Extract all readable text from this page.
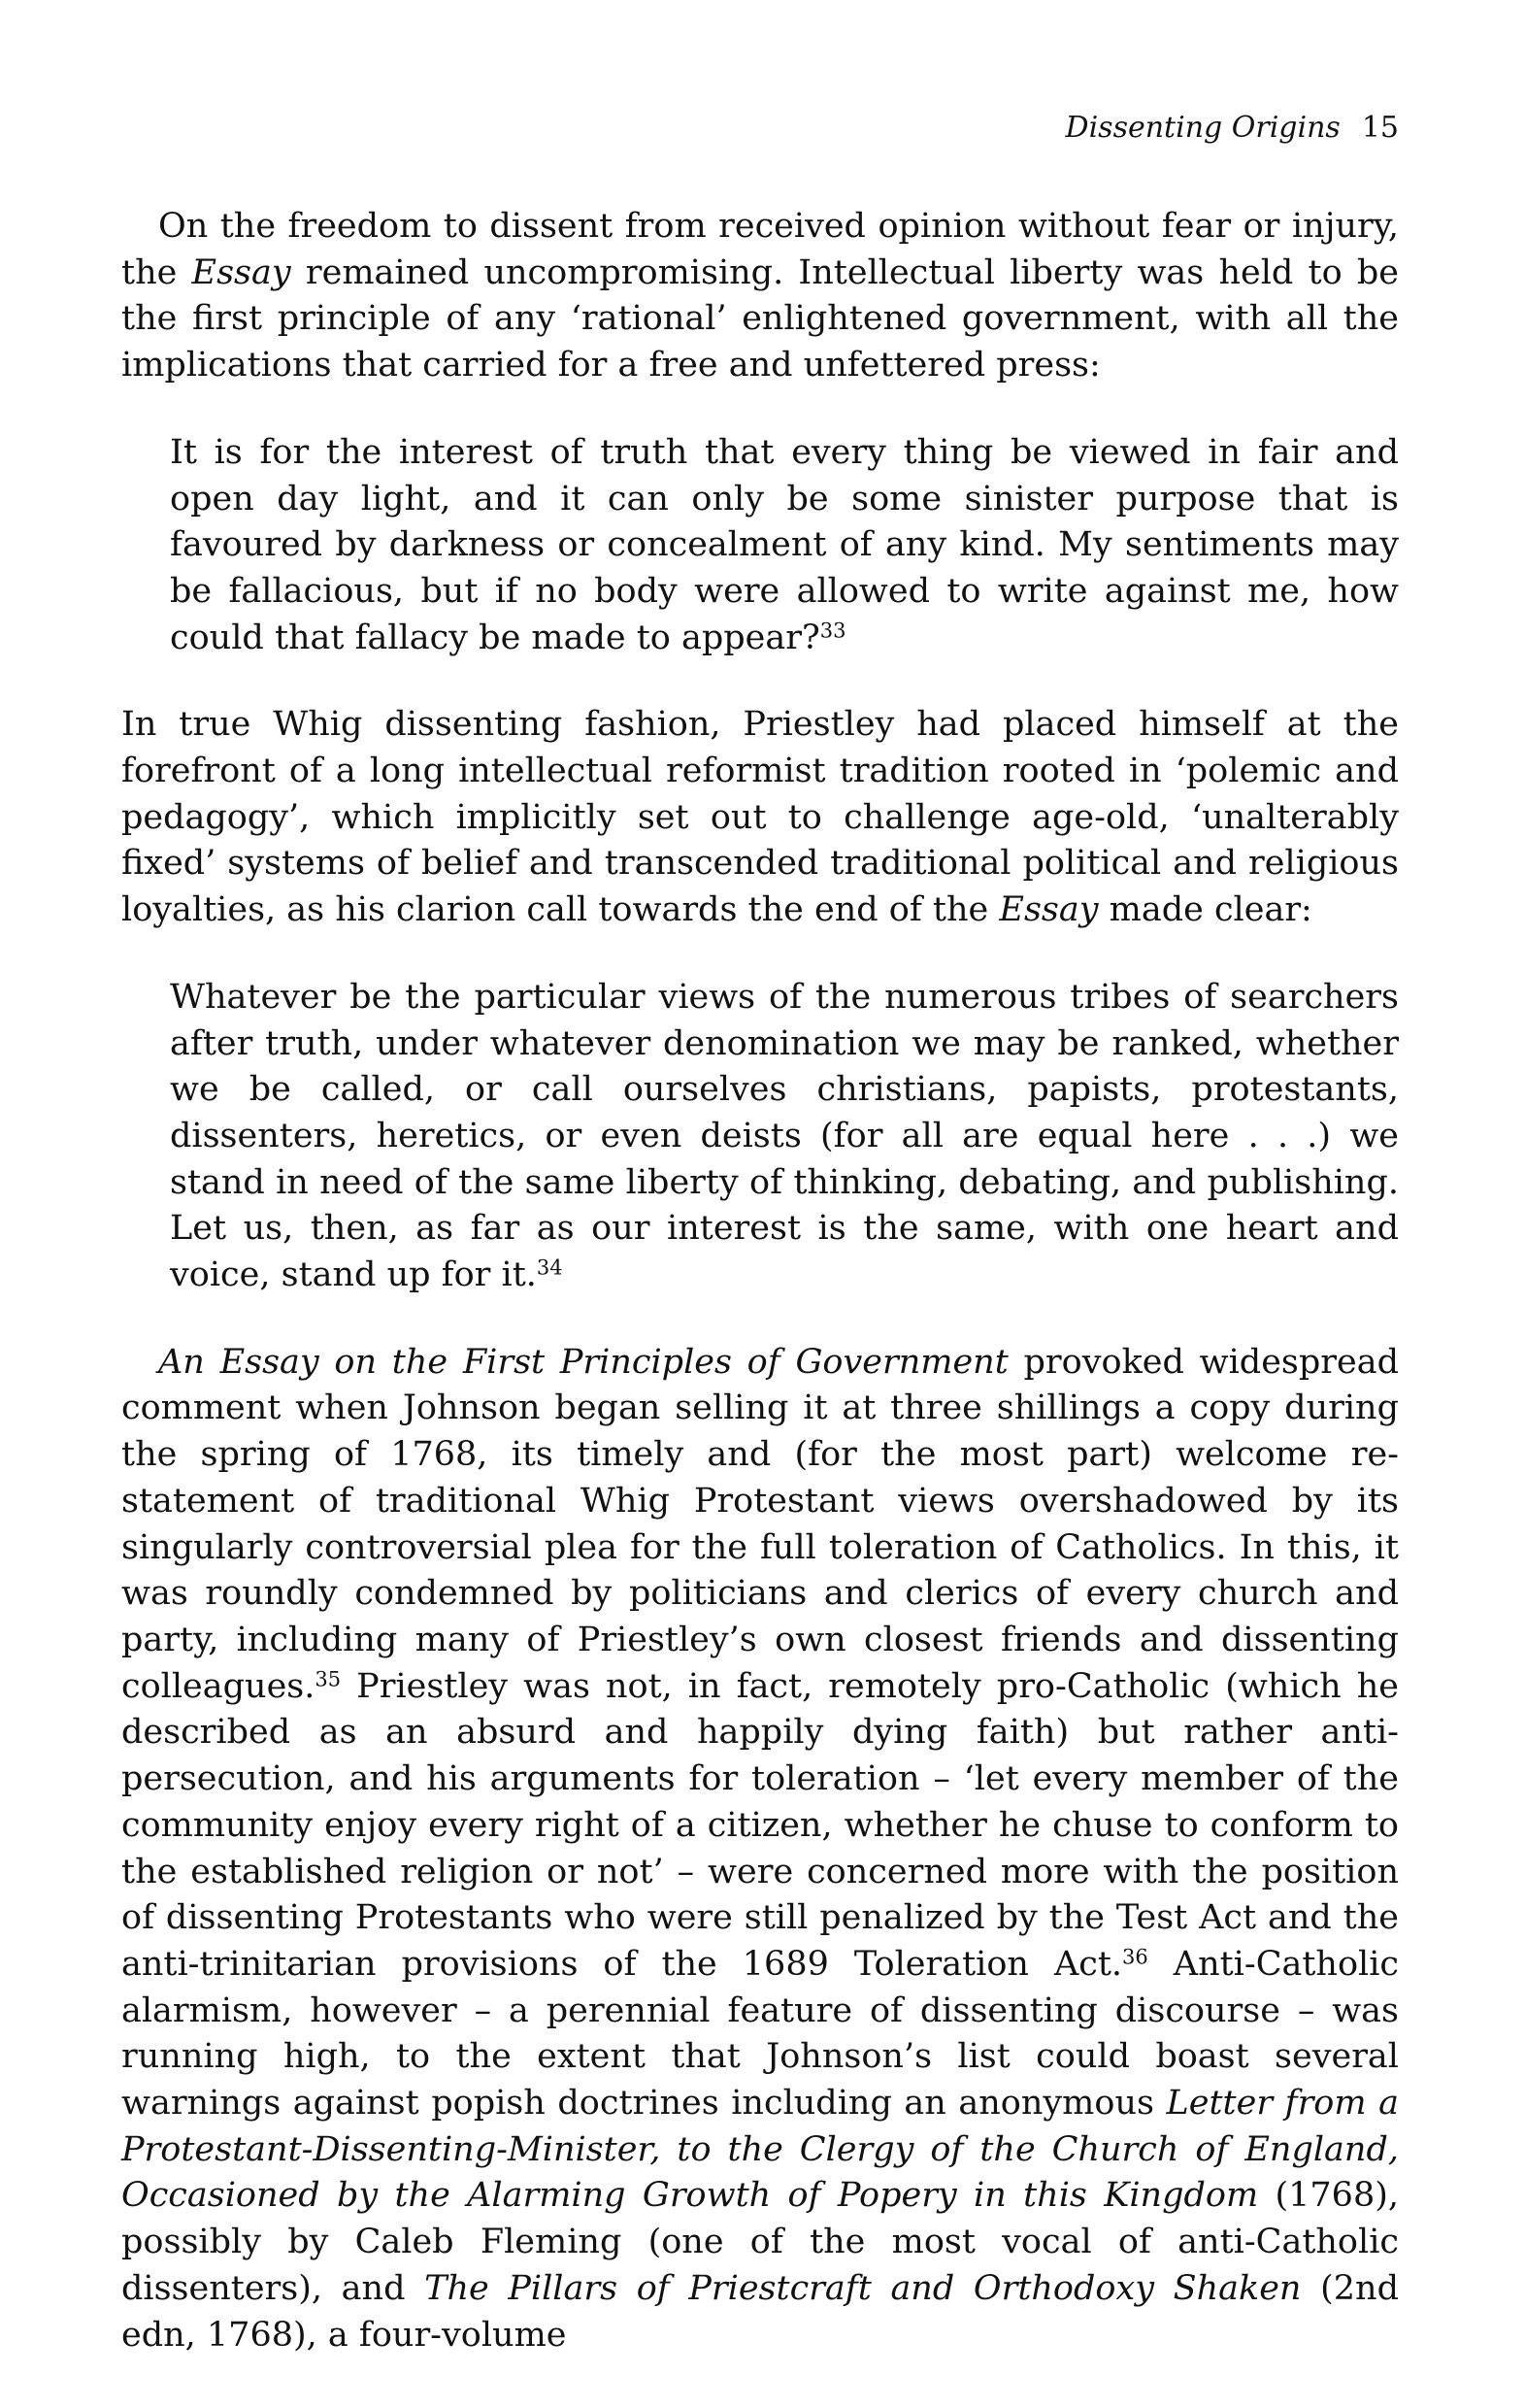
Dissenting Origins 15

On the freedom to dissent from received opinion without fear or injury, the Essay remained uncompromising. Intellectual liberty was held to be the first principle of any ‘rational’ enlightened government, with all the implications that carried for a free and unfettered press:

It is for the interest of truth that every thing be viewed in fair and open day light, and it can only be some sinister purpose that is favoured by darkness or concealment of any kind. My sentiments may be fallacious, but if no body were allowed to write against me, how could that fallacy be made to appear?$^{33}$

In true Whig dissenting fashion, Priestley had placed himself at the forefront of a long intellectual reformist tradition rooted in ‘polemic and pedagogy’, which implicitly set out to challenge age-old, ‘unalterably fixed’ systems of belief and transcended traditional political and religious loyalties, as his clarion call towards the end of the Essay made clear:

Whatever be the particular views of the numerous tribes of searchers after truth, under whatever denomination we may be ranked, whether we be called, or call ourselves christians, papists, protestants, dissenters, heretics, or even deists (for all are equal here . . .) we stand in need of the same liberty of thinking, debating, and publishing. Let us, then, as far as our interest is the same, with one heart and voice, stand up for it.$^{34}$

An Essay on the First Principles of Government provoked widespread comment when Johnson began selling it at three shillings a copy during the spring of 1768, its timely and (for the most part) welcome re-statement of traditional Whig Protestant views overshadowed by its singularly controversial plea for the full toleration of Catholics. In this, it was roundly condemned by politicians and clerics of every church and party, including many of Priestley’s own closest friends and dissenting colleagues.$^{35}$ Priestley was not, in fact, remotely pro-Catholic (which he described as an absurd and happily dying faith) but rather anti-persecution, and his arguments for toleration – ‘let every member of the community enjoy every right of a citizen, whether he chuse to conform to the established religion or not’ – were concerned more with the position of dissenting Protestants who were still penalized by the Test Act and the anti-trinitarian provisions of the 1689 Toleration Act.$^{36}$ Anti-Catholic alarmism, however – a perennial feature of dissenting discourse – was running high, to the extent that Johnson’s list could boast several warnings against popish doctrines including an anonymous Letter from a Protestant-Dissenting-Minister, to the Clergy of the Church of England, Occasioned by the Alarming Growth of Popery in this Kingdom (1768), possibly by Caleb Fleming (one of the most vocal of anti-Catholic dissenters), and The Pillars of Priestcraft and Orthodoxy Shaken (2nd edn, 1768), a four-volume
